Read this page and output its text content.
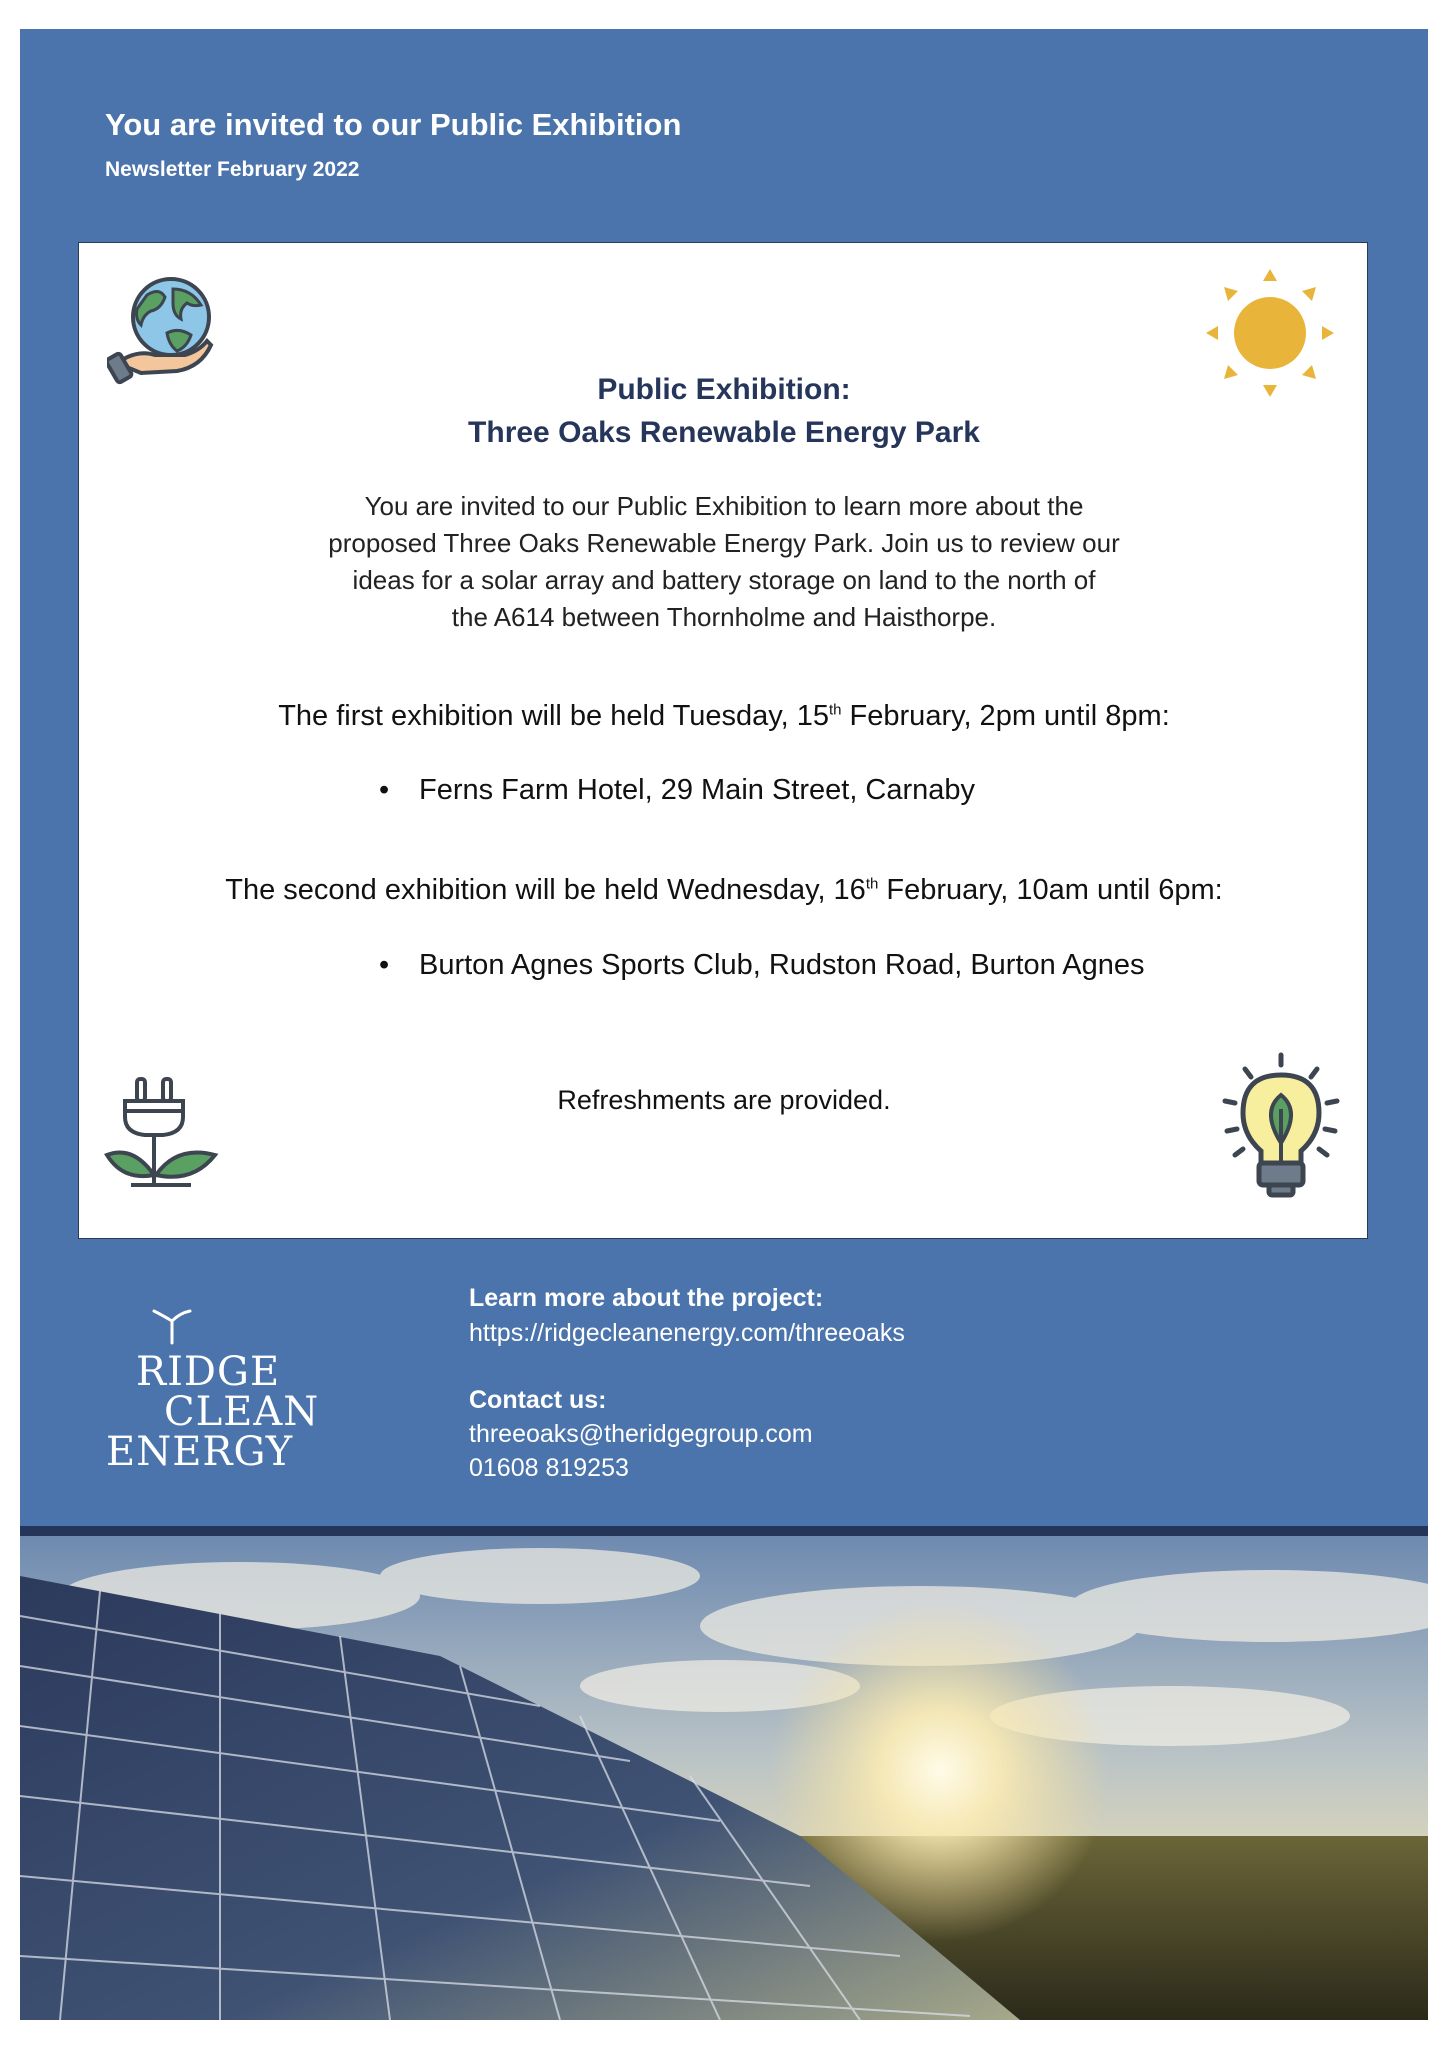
You are invited to our Public Exhibition
Newsletter February 2022
Public Exhibition:
Three Oaks Renewable Energy Park
You are invited to our Public Exhibition to learn more about the
proposed Three Oaks Renewable Energy Park. Join us to review our
ideas for a solar array and battery storage on land to the north of
the A614 between Thornholme and Haisthorpe.
The first exhibition will be held Tuesday, 15th February, 2pm until 8pm:
• Ferns Farm Hotel, 29 Main Street, Carnaby
The second exhibition will be held Wednesday, 16th February, 10am until 6pm:
• Burton Agnes Sports Club, Rudston Road, Burton Agnes
Refreshments are provided.
RIDGE
CLEAN
ENERGY
Learn more about the project:
https://ridgecleanenergy.com/threeoaks
Contact us:
threeoaks@theridgegroup.com
01608 819253
